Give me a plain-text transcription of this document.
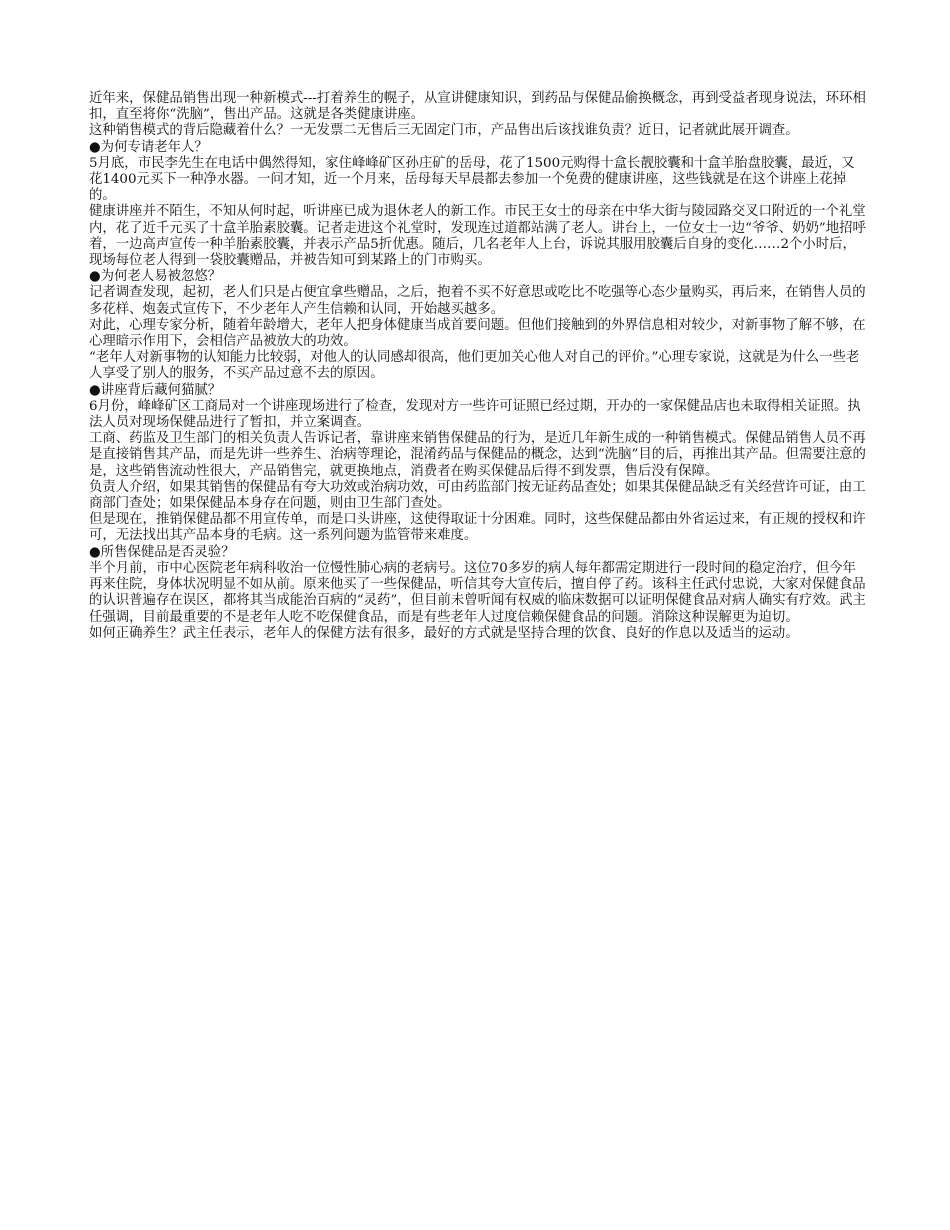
近年来，保健品销售出现一种新模式---打着养生的幌子，从宣讲健康知识，到药品与保健品偷换概念，再到受益者现身说法，环环相扣，直至将你“洗脑”，售出产品。这就是各类健康讲座。

这种销售模式的背后隐藏着什么？一无发票二无售后三无固定门市，产品售出后该找谁负责？近日，记者就此展开调查。

●为何专请老年人？

5月底，市民李先生在电话中偶然得知，家住峰峰矿区孙庄矿的岳母，花了1500元购得十盒长靓胶囊和十盒羊胎盘胶囊，最近，又花1400元买下一种净水器。一问才知，近一个月来，岳母每天早晨都去参加一个免费的健康讲座，这些钱就是在这个讲座上花掉的。

健康讲座并不陌生，不知从何时起，听讲座已成为退休老人的新工作。市民王女士的母亲在中华大街与陵园路交叉口附近的一个礼堂内，花了近千元买了十盒羊胎素胶囊。记者走进这个礼堂时，发现连过道都站满了老人。讲台上，一位女士一边“爷爷、奶奶”地招呼着，一边高声宣传一种羊胎素胶囊，并表示产品5折优惠。随后，几名老年人上台，诉说其服用胶囊后自身的变化……2个小时后，现场每位老人得到一袋胶囊赠品，并被告知可到某路上的门市购买。

●为何老人易被忽悠？

记者调查发现，起初，老人们只是占便宜拿些赠品，之后，抱着不买不好意思或吃比不吃强等心态少量购买，再后来，在销售人员的多花样、炮轰式宣传下，不少老年人产生信赖和认同，开始越买越多。

对此，心理专家分析，随着年龄增大，老年人把身体健康当成首要问题。但他们接触到的外界信息相对较少，对新事物了解不够，在心理暗示作用下，会相信产品被放大的功效。

“老年人对新事物的认知能力比较弱，对他人的认同感却很高，他们更加关心他人对自己的评价。”心理专家说，这就是为什么一些老人享受了别人的服务，不买产品过意不去的原因。

●讲座背后藏何猫腻？

6月份，峰峰矿区工商局对一个讲座现场进行了检查，发现对方一些许可证照已经过期，开办的一家保健品店也未取得相关证照。执法人员对现场保健品进行了暂扣，并立案调查。

工商、药监及卫生部门的相关负责人告诉记者，靠讲座来销售保健品的行为，是近几年新生成的一种销售模式。保健品销售人员不再是直接销售其产品，而是先讲一些养生、治病等理论，混淆药品与保健品的概念，达到“洗脑”目的后，再推出其产品。但需要注意的是，这些销售流动性很大，产品销售完，就更换地点，消费者在购买保健品后得不到发票，售后没有保障。

负责人介绍，如果其销售的保健品有夸大功效或治病功效，可由药监部门按无证药品查处；如果其保健品缺乏有关经营许可证，由工商部门查处；如果保健品本身存在问题，则由卫生部门查处。

但是现在，推销保健品都不用宣传单，而是口头讲座，这使得取证十分困难。同时，这些保健品都由外省运过来，有正规的授权和许可，无法找出其产品本身的毛病。这一系列问题为监管带来难度。

●所售保健品是否灵验？

半个月前，市中心医院老年病科收治一位慢性肺心病的老病号。这位70多岁的病人每年都需定期进行一段时间的稳定治疗，但今年再来住院，身体状况明显不如从前。原来他买了一些保健品，听信其夸大宣传后，擅自停了药。该科主任武付忠说，大家对保健食品的认识普遍存在误区，都将其当成能治百病的“灵药”，但目前未曾听闻有权威的临床数据可以证明保健食品对病人确实有疗效。武主任强调，目前最重要的不是老年人吃不吃保健食品，而是有些老年人过度信赖保健食品的问题。消除这种误解更为迫切。

如何正确养生？武主任表示，老年人的保健方法有很多，最好的方式就是坚持合理的饮食、良好的作息以及适当的运动。
